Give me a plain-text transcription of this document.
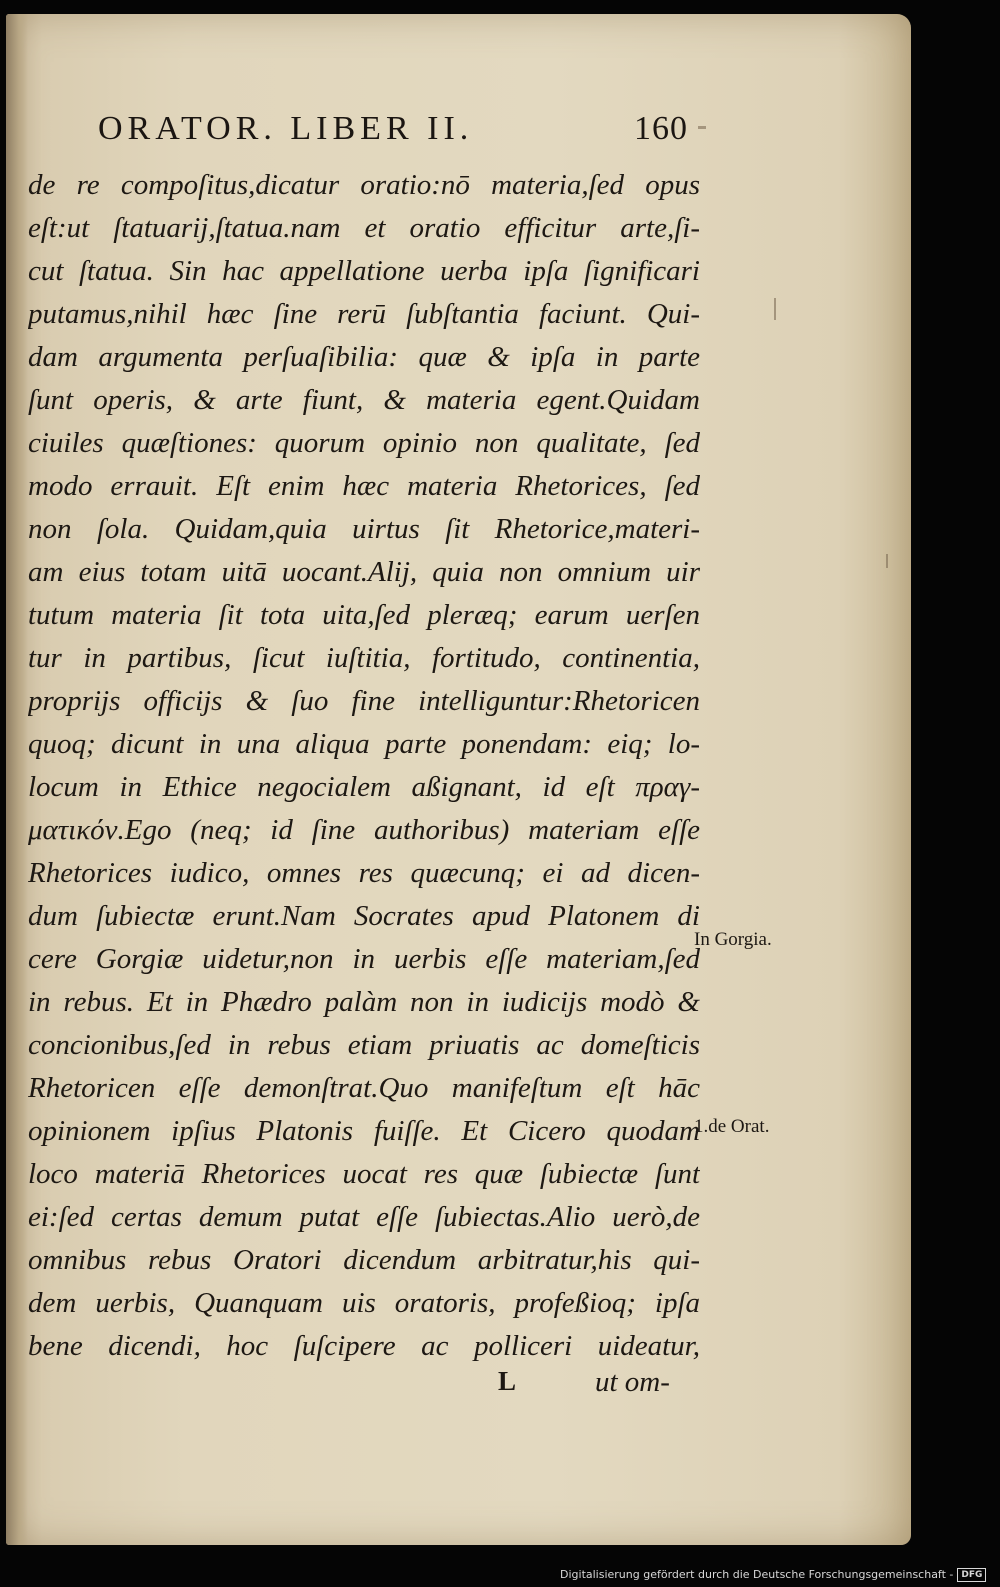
ORATOR. LIBER II.	160
de re compoſitus,dicatur oratio:nō materia,ſed opus
eſt:ut ſtatuarij,ſtatua.nam et oratio efficitur arte,ſi-
cut ſtatua. Sin hac appellatione uerba ipſa ſignificari
putamus,nihil hæc ſine rerū ſubſtantia faciunt. Qui-
dam argumenta perſuaſibilia: quæ & ipſa in parte
ſunt operis, & arte fiunt, & materia egent.Quidam
ciuiles quæſtiones: quorum opinio non qualitate, ſed
modo errauit. Eſt enim hæc materia Rhetorices, ſed
non ſola. Quidam,quia uirtus ſit Rhetorice,materi-
am eius totam uitā uocant.Alij, quia non omnium uir
tutum materia ſit tota uita,ſed pleræq; earum uerſen
tur in partibus, ſicut iuſtitia, fortitudo, continentia,
proprijs officijs & ſuo fine intelliguntur:Rhetoricen
quoq; dicunt in una aliqua parte ponendam: eiq; lo-
locum in Ethice negocialem aßignant, id eſt πραγ-
ματικόν.Ego (neq; id ſine authoribus) materiam eſſe
Rhetorices iudico, omnes res quæcunq; ei ad dicen-
dum ſubiectæ erunt.Nam Socrates apud Platonem di
cere Gorgiæ uidetur,non in uerbis eſſe materiam,ſed
in rebus. Et in Phædro palàm non in iudicijs modò &
concionibus,ſed in rebus etiam priuatis ac domeſticis
Rhetoricen eſſe demonſtrat.Quo manifeſtum eſt hāc
opinionem ipſius Platonis fuiſſe. Et Cicero quodam
loco materiā Rhetorices uocat res quæ ſubiectæ ſunt
ei:ſed certas demum putat eſſe ſubiectas.Alio uerò,de
omnibus rebus Oratori dicendum arbitratur,his qui-
dem uerbis, Quanquam uis oratoris, profeßioq; ipſa
bene dicendi, hoc ſuſcipere ac polliceri uideatur,
In Gorgia.
1.de Orat.
L	ut om-
Digitalisierung gefördert durch die Deutsche Forschungsgemeinschaft - DFG
